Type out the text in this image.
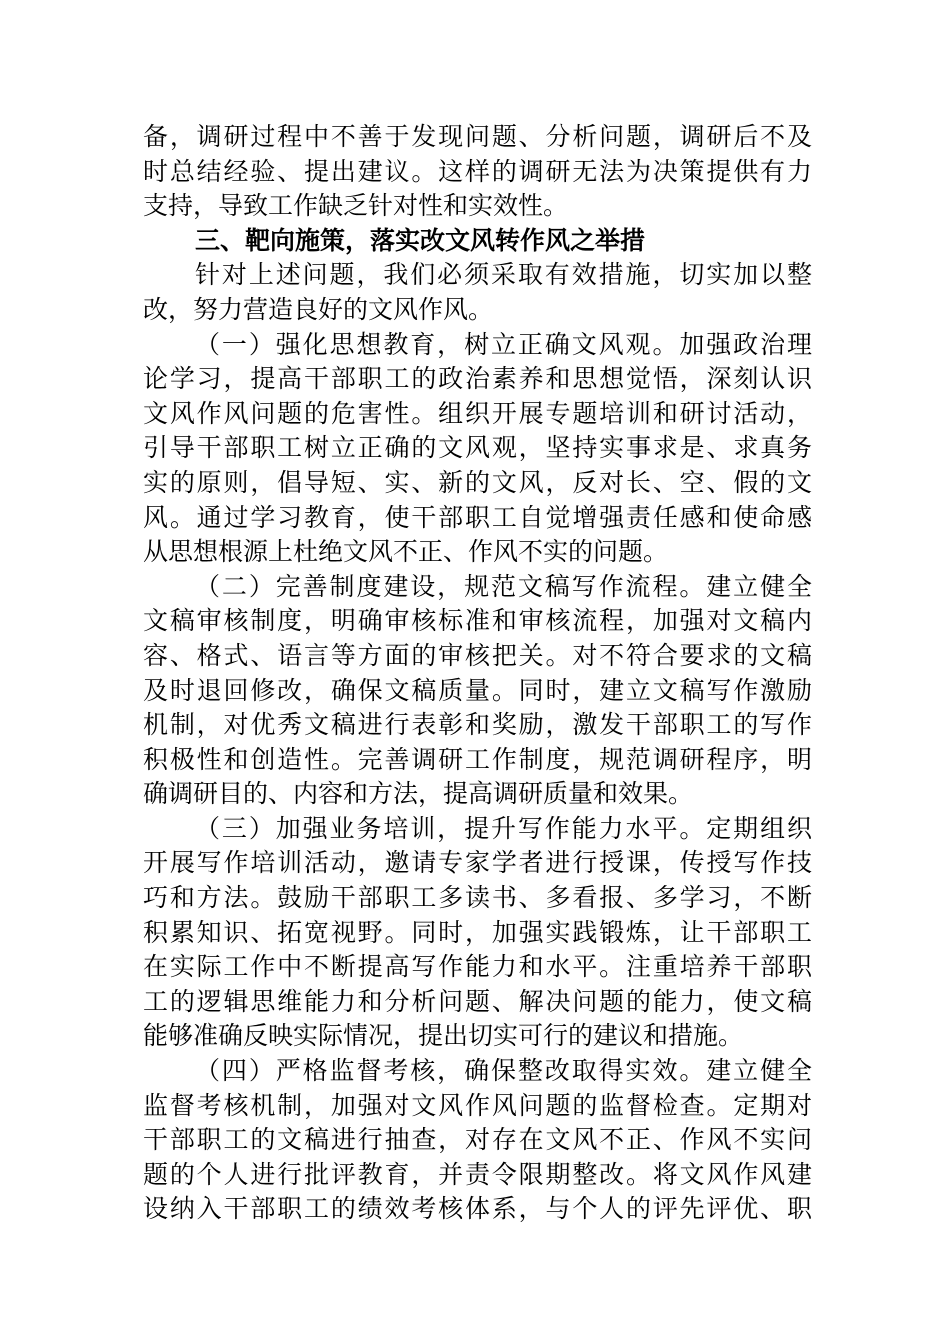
备，调研过程中不善于发现问题、分析问题，调研后不及
时总结经验、提出建议。这样的调研无法为决策提供有力
支持，导致工作缺乏针对性和实效性。
三、靶向施策，落实改文风转作风之举措
针对上述问题，我们必须采取有效措施，切实加以整
改，努力营造良好的文风作风。
（一）强化思想教育，树立正确文风观。加强政治理
论学习，提高干部职工的政治素养和思想觉悟，深刻认识
文风作风问题的危害性。组织开展专题培训和研讨活动，
引导干部职工树立正确的文风观，坚持实事求是、求真务
实的原则，倡导短、实、新的文风，反对长、空、假的文
风。通过学习教育，使干部职工自觉增强责任感和使命感
从思想根源上杜绝文风不正、作风不实的问题。
（二）完善制度建设，规范文稿写作流程。建立健全
文稿审核制度，明确审核标准和审核流程，加强对文稿内
容、格式、语言等方面的审核把关。对不符合要求的文稿
及时退回修改，确保文稿质量。同时，建立文稿写作激励
机制，对优秀文稿进行表彰和奖励，激发干部职工的写作
积极性和创造性。完善调研工作制度，规范调研程序，明
确调研目的、内容和方法，提高调研质量和效果。
（三）加强业务培训，提升写作能力水平。定期组织
开展写作培训活动，邀请专家学者进行授课，传授写作技
巧和方法。鼓励干部职工多读书、多看报、多学习，不断
积累知识、拓宽视野。同时，加强实践锻炼，让干部职工
在实际工作中不断提高写作能力和水平。注重培养干部职
工的逻辑思维能力和分析问题、解决问题的能力，使文稿
能够准确反映实际情况，提出切实可行的建议和措施。
（四）严格监督考核，确保整改取得实效。建立健全
监督考核机制，加强对文风作风问题的监督检查。定期对
干部职工的文稿进行抽查，对存在文风不正、作风不实问
题的个人进行批评教育，并责令限期整改。将文风作风建
设纳入干部职工的绩效考核体系，与个人的评先评优、职
